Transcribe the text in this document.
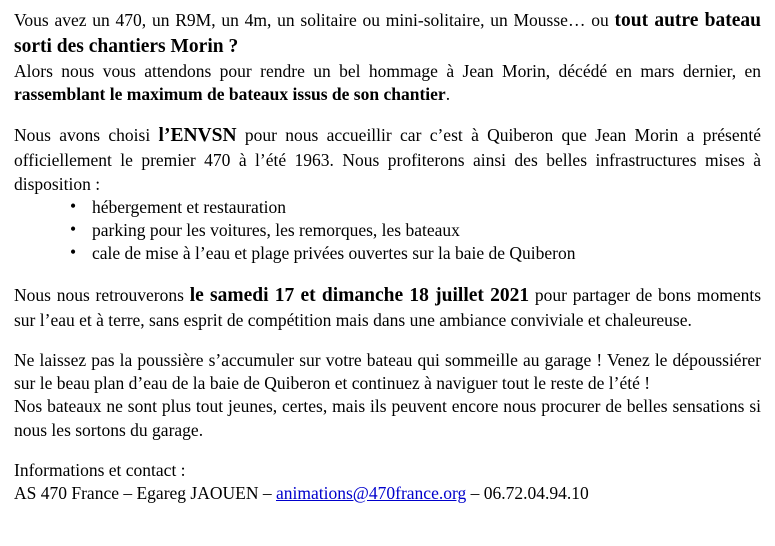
Vous avez un 470, un R9M, un 4m, un solitaire ou mini-solitaire, un Mousse… ou tout autre bateau sorti des chantiers Morin ?

Alors nous vous attendons pour rendre un bel hommage à Jean Morin, décédé en mars dernier, en rassemblant le maximum de bateaux issus de son chantier.

Nous avons choisi l’ENVSN pour nous accueillir car c’est à Quiberon que Jean Morin a présenté officiellement le premier 470 à l’été 1963. Nous profiterons ainsi des belles infrastructures mises à disposition :

• hébergement et restauration
• parking pour les voitures, les remorques, les bateaux
• cale de mise à l’eau et plage privées ouvertes sur la baie de Quiberon

Nous nous retrouverons le samedi 17 et dimanche 18 juillet 2021 pour partager de bons moments sur l’eau et à terre, sans esprit de compétition mais dans une ambiance conviviale et chaleureuse.

Ne laissez pas la poussière s’accumuler sur votre bateau qui sommeille au garage ! Venez le dépoussiérer sur le beau plan d’eau de la baie de Quiberon et continuez à naviguer tout le reste de l’été !

Nos bateaux ne sont plus tout jeunes, certes, mais ils peuvent encore nous procurer de belles sensations si nous les sortons du garage.

Informations et contact :

AS 470 France – Egareg JAOUEN – animations@470france.org – 06.72.04.94.10
